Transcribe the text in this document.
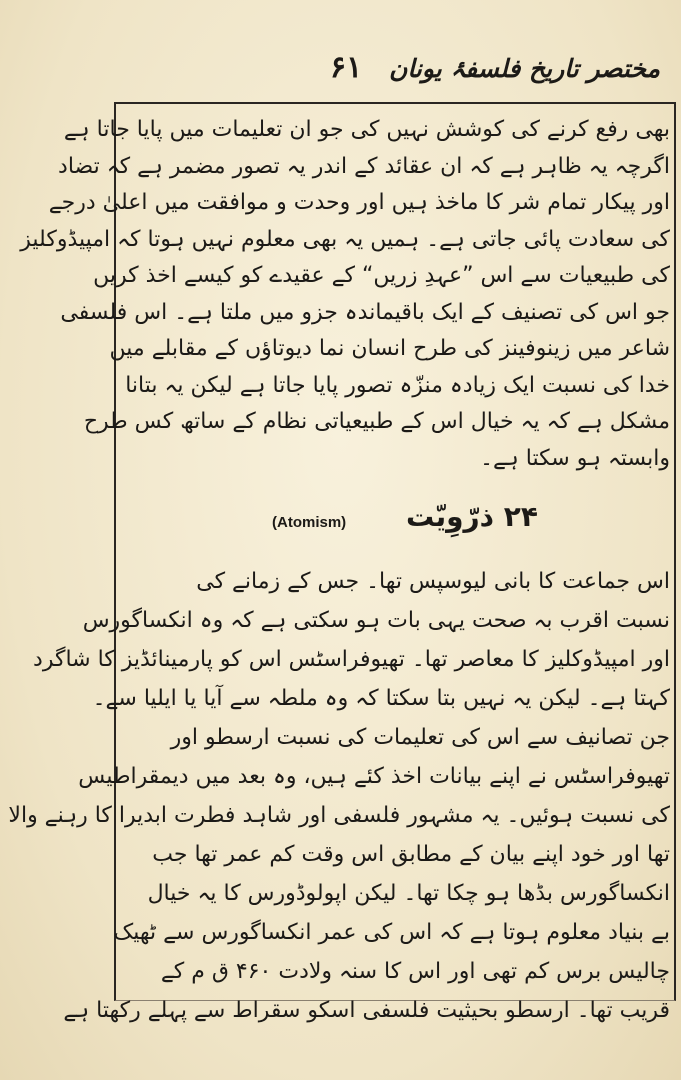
مختصر تاریخ فلسفۂ یونان
۶۱

بھی رفع کرنے کی کوشش نہیں کی جو ان تعلیمات میں پایا جاتا ہے

اگرچہ یہ ظاہر ہے کہ ان عقائد کے اندر یہ تصور مضمر ہے کہ تضاد

اور پیکار تمام شر کا ماخذ ہیں اور وحدت و موافقت میں اعلیٰ درجے

کی سعادت پائی جاتی ہے۔ ہمیں یہ بھی معلوم نہیں ہوتا کہ امپیڈوکلیز

کی طبیعیات سے اس ”عہدِ زریں“ کے عقیدے کو کیسے اخذ کریں

جو اس کی تصنیف کے ایک باقیماندہ جزو میں ملتا ہے۔ اس فلسفی

شاعر میں زینوفینز کی طرح انسان نما دیوتاؤں کے مقابلے میں

خدا کی نسبت ایک زیادہ منزّہ تصور پایا جاتا ہے لیکن یہ بتانا

مشکل ہے کہ یہ خیال اس کے طبیعیاتی نظام کے ساتھ کس طرح

وابستہ ہو سکتا ہے۔

۲۴ ذرّوِیّت
(Atomism)

اس جماعت کا بانی لیوسپس تھا۔ جس کے زمانے کی

نسبت اقرب بہ صحت یہی بات ہو سکتی ہے کہ وہ انکساگورس

اور امپیڈوکلیز کا معاصر تھا۔ تھیوفراسٹس اس کو پارمینائڈیز کا شاگرد

کہتا ہے۔ لیکن یہ نہیں بتا سکتا کہ وہ ملطہ سے آیا یا ایلیا سے۔

جن تصانیف سے اس کی تعلیمات کی نسبت ارسطو اور

تھیوفراسٹس نے اپنے بیانات اخذ کئے ہیں، وہ بعد میں دیمقراطیس

کی نسبت ہوئیں۔ یہ مشہور فلسفی اور شاہد فطرت ابدیرا کا رہنے والا

تھا اور خود اپنے بیان کے مطابق اس وقت کم عمر تھا جب

انکساگورس بڈھا ہو چکا تھا۔ لیکن اپولوڈورس کا یہ خیال

بے بنیاد معلوم ہوتا ہے کہ اس کی عمر انکساگورس سے ٹھیک

چالیس برس کم تھی اور اس کا سنہ ولادت ۴۶۰ ق م کے

قریب تھا۔ ارسطو بحیثیت فلسفی اسکو سقراط سے پہلے رکھتا ہے
